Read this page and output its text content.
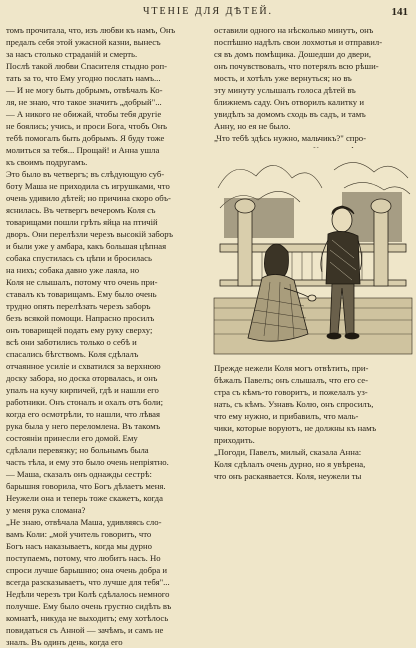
ЧТЕНІЕ ДЛЯ ДѢТЕЙ.	141
томъ прочитала, что, изъ любви къ намъ, Онъ
предалъ себя этой ужасной казни, вынесъ
за насъ столько страданій и смерть.
Послѣ такой любви Спасителя стыдно роп-
тать за то, что Ему угодно послать намъ...
— И не могу быть добрымъ, отвѣчалъ Ко-
ля, не знаю, что такое значитъ „добрый"...
— А никого не обижай, чтобы тебя другіе
не боялись; учись, и проси Бога, чтобъ Онъ
тебѣ помогалъ быть добрымъ. Я буду тоже
молиться за тебя... Прощай! и Анна ушла
къ своимъ подругамъ.
Это было въ четвергъ; въ слѣдующую суб-
боту Маша не приходила съ игрушками, что
очень удивило дѣтей; но причина скоро объ-
яснилась. Въ четвергъ вечеромъ Коля съ
товарищами пошли грѣть яйца на птичій
дворъ. Они перелѣзли черезъ высокій заборъ
и были уже у амбара, какъ большая цѣпная
собака спустилась съ цѣпи и бросилась
на нихъ; собака давно уже лаяла, но
Коля не слышалъ, потому что очень при-
ставалъ къ товарищамъ. Ему было очень
трудно опять перелѣзать черезъ заборъ
безъ всякой помощи. Напрасно просилъ
онъ товарищей подать ему руку сверху;
всѣ они заботились только о себѣ и
спасались бѣгствомъ. Коля сдѣлалъ
отчаянное усиліе и схватился за верхнюю
доску забора, но доска оторвалась, и онъ
упалъ на кучу кирпичей, гдѣ и нашли его
работники. Онъ стоналъ и охалъ отъ боли;
когда его осмотрѣли, то нашли, что лѣвая
рука была у него переломлена. Въ такомъ
состояніи принесли его домой. Ему
сдѣлали перевязку; но больнымъ была
часть тѣла, и ему это было очень непріятно.
— Маша, сказалъ онъ однажды сестрѣ:
барышня говорила, что Богъ дѣлаетъ меня.
Неужели она и теперь тоже скажетъ, когда
у меня рука сломана?
„Не знаю, отвѣчала Маша, удивляясь сло-
вамъ Коли: „мой учитель говоритъ, что
Богъ насъ наказываетъ, когда мы дурно
поступаемъ, потому, что любитъ насъ. Но
спроси лучше барышню; она очень добра и
всегда разсказываетъ, что лучше для тебя"...
Недѣли черезъ три Колѣ сдѣлалось немного
получше. Ему было очень грустно сидѣть въ
комнатѣ, никуда не выходитъ; ему хотѣлось
повидаться съ Анной — зачѣмъ, и самъ не
зналъ. Въ одинъ день, когда его
оставили одного на нѣсколько минутъ, онъ
поспѣшно надѣлъ свои лохмотья и отправил-
ся въ домъ помѣщика. Дошедши до двери,
онъ почувствовалъ, что потерялъ всю рѣши-
мость, и хотѣлъ уже вернуться; но въ
эту минуту услышалъ голоса дѣтей въ
ближнемъ саду. Онъ отворилъ калитку и
увидѣлъ за домомъ сходь въ садъ, и тамъ
Анну, но ея не было.
„Что тебѣ здѣсь нужно, мальчикъ?" спро-
Прежде нежели Коля могъ отвѣтить, при-
бѣжалъ Павелъ; онъ слышалъ, что его се-
стра съ кѣмъ-то говоритъ, и пожелалъ уз-
нать, съ кѣмъ. Узнавъ Колю, онъ спросилъ,
что ему нужно, и прибавилъ, что маль-
чики, которые воруютъ, не должны къ намъ
приходить.
„Погоди, Павелъ, милый, сказала Анна:
Коля сдѣлалъ очень дурно, но я увѣрена,
что онъ раскаявается. Коля, неужели ты
